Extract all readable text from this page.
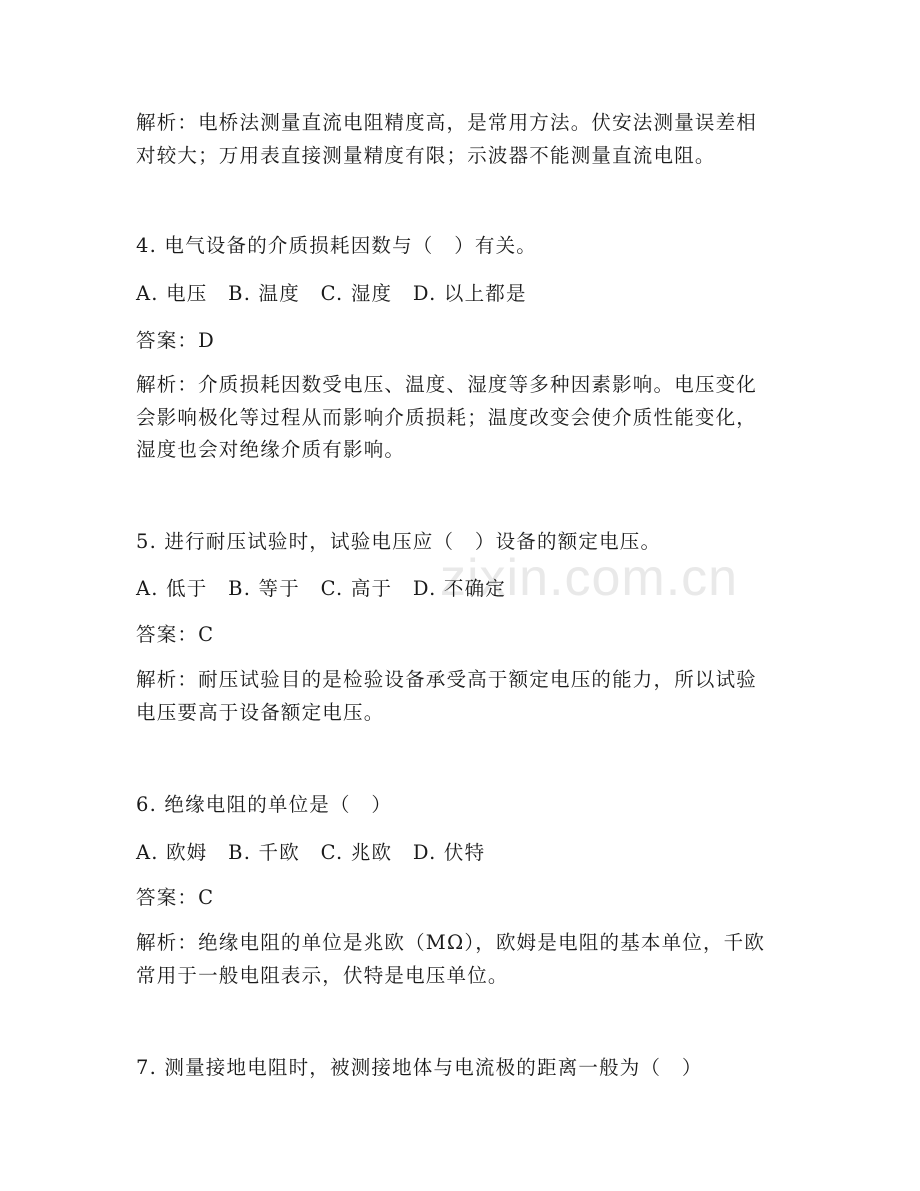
zixin.com.cn
解析：电桥法测量直流电阻精度高，是常用方法。伏安法测量误差相
对较大；万用表直接测量精度有限；示波器不能测量直流电阻。
4. 电气设备的介质损耗因数与（　）有关。
A. 电压　B. 温度　C. 湿度　D. 以上都是
答案：D
解析：介质损耗因数受电压、温度、湿度等多种因素影响。电压变化
会影响极化等过程从而影响介质损耗；温度改变会使介质性能变化，
湿度也会对绝缘介质有影响。
5. 进行耐压试验时，试验电压应（　）设备的额定电压。
A. 低于　B. 等于　C. 高于　D. 不确定
答案：C
解析：耐压试验目的是检验设备承受高于额定电压的能力，所以试验
电压要高于设备额定电压。
6. 绝缘电阻的单位是（　）
A. 欧姆　B. 千欧　C. 兆欧　D. 伏特
答案：C
解析：绝缘电阻的单位是兆欧（MΩ），欧姆是电阻的基本单位，千欧
常用于一般电阻表示，伏特是电压单位。
7. 测量接地电阻时，被测接地体与电流极的距离一般为（　）
